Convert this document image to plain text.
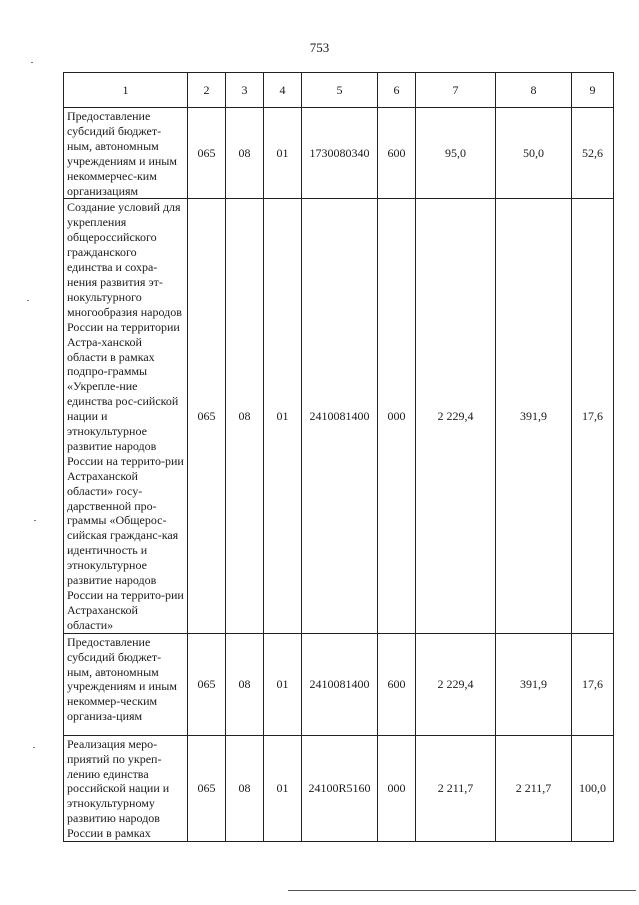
753
1	2	3	4	5	6	7	8	9
Предоставление субсидий бюджет-ным, автономным учреждениям и иным некоммерчес-ким организациям	065	08	01	1730080340	600	95,0	50,0	52,6
Создание условий для укрепления общероссийского гражданского единства и сохра-нения развития эт-нокультурного многообразия народов России на территории Астра-ханской области в рамках подпро-граммы «Укрепле-ние единства рос-сийской нации и этнокультурное развитие народов России на террито-рии Астраханской области» госу-дарственной про-граммы «Общерос-сийская гражданс-кая идентичность и этнокультурное развитие народов России на террито-рии Астраханской области»	065	08	01	2410081400	000	2 229,4	391,9	17,6
Предоставление субсидий бюджет-ным, автономным учреждениям и иным некоммер-ческим организа-циям	065	08	01	2410081400	600	2 229,4	391,9	17,6
Реализация меро-приятий по укреп-лению единства российской нации и этнокультурному развитию народов России в рамках	065	08	01	24100R5160	000	2 211,7	2 211,7	100,0
